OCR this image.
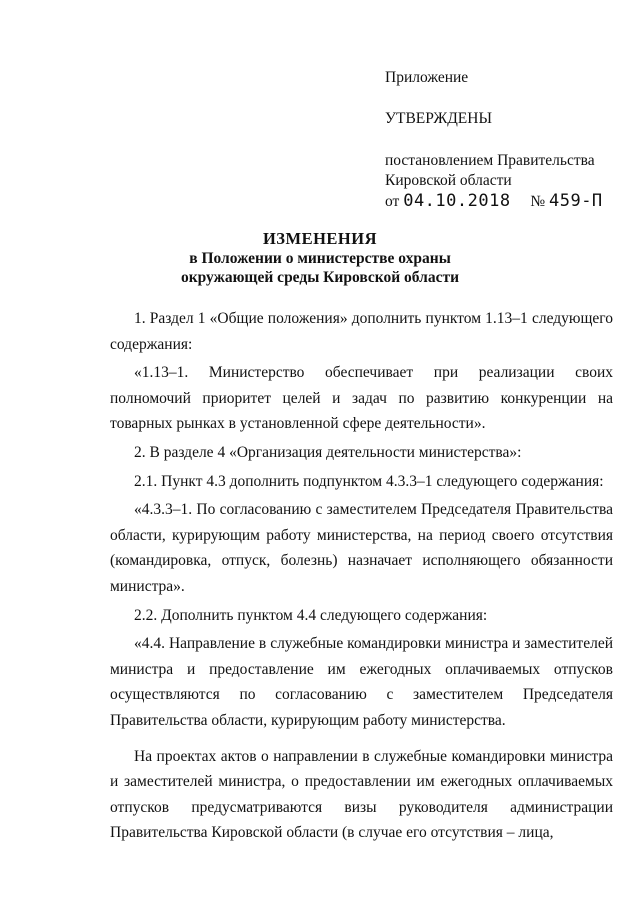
Приложение
УТВЕРЖДЕНЫ
постановлением Правительства
Кировской области
от 04.10.2018 № 459-П
ИЗМЕНЕНИЯ
в Положении о министерстве охраны
окружающей среды Кировской области

1. Раздел 1 «Общие положения» дополнить пунктом 1.13–1 следующего содержания:

«1.13–1. Министерство обеспечивает при реализации своих полномочий приоритет целей и задач по развитию конкуренции на товарных рынках в установленной сфере деятельности».

2. В разделе 4 «Организация деятельности министерства»:

2.1. Пункт 4.3 дополнить подпунктом 4.3.3–1 следующего содержания:

«4.3.3–1. По согласованию с заместителем Председателя Правительства области, курирующим работу министерства, на период своего отсутствия (командировка, отпуск, болезнь) назначает исполняющего обязанности министра».

2.2. Дополнить пунктом 4.4 следующего содержания:

«4.4. Направление в служебные командировки министра и заместителей министра и предоставление им ежегодных оплачиваемых отпусков осуществляются по согласованию с заместителем Председателя Правительства области, курирующим работу министерства.

На проектах актов о направлении в служебные командировки министра и заместителей министра, о предоставлении им ежегодных оплачиваемых отпусков предусматриваются визы руководителя администрации Правительства Кировской области (в случае его отсутствия – лица,
